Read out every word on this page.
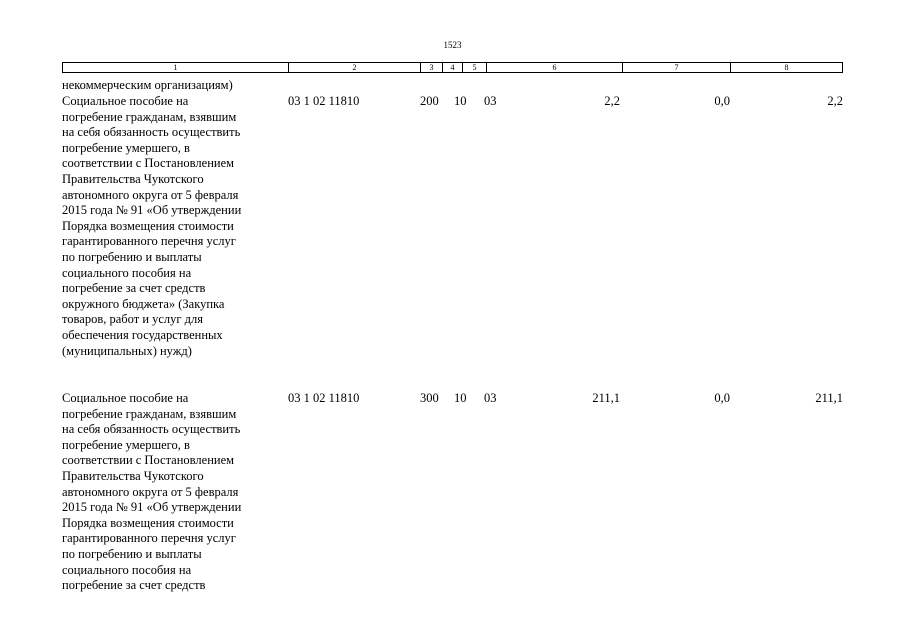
1523
1	2	3	4	5	6	7	8
некоммерческим организациям)
Социальное пособие на
погребение гражданам, взявшим
на себя обязанность осуществить
погребение умершего, в
соответствии с Постановлением
Правительства Чукотского
автономного округа от 5 февраля
2015 года № 91 «Об утверждении
Порядка возмещения стоимости
гарантированного перечня услуг
по погребению и выплаты
социального пособия на
погребение за счет средств
окружного бюджета» (Закупка
товаров, работ и услуг для
обеспечения государственных
(муниципальных) нужд)
03 1 02 11810	200 10 03	2,2	0,0	2,2
Социальное пособие на
погребение гражданам, взявшим
на себя обязанность осуществить
погребение умершего, в
соответствии с Постановлением
Правительства Чукотского
автономного округа от 5 февраля
2015 года № 91 «Об утверждении
Порядка возмещения стоимости
гарантированного перечня услуг
по погребению и выплаты
социального пособия на
погребение за счет средств
03 1 02 11810	300 10 03	211,1	0,0	211,1
